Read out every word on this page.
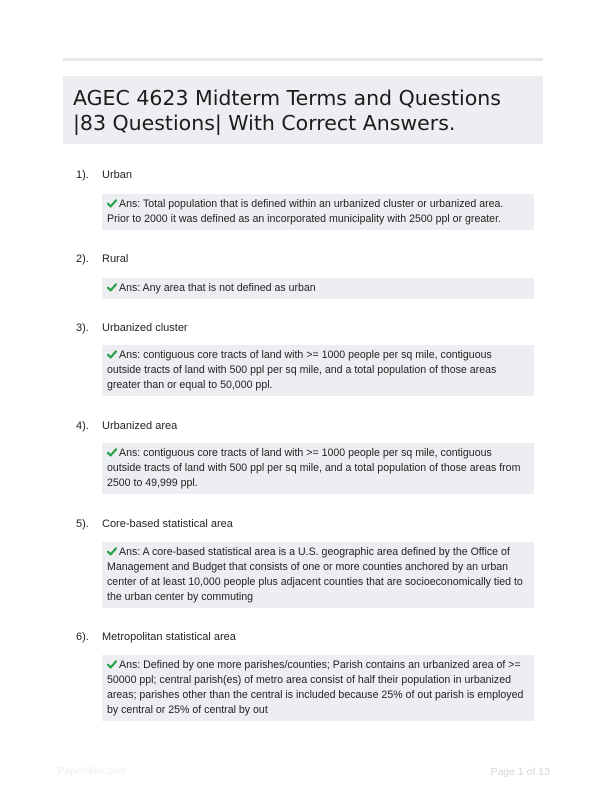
AGEC 4623 Midterm Terms and Questions |83 Questions| With Correct Answers.
1). Urban
Ans: Total population that is defined within an urbanized cluster or urbanized area.
Prior to 2000 it was defined as an incorporated municipality with 2500 ppl or greater.
2). Rural
Ans: Any area that is not defined as urban
3). Urbanized cluster
Ans: contiguous core tracts of land with >= 1000 people per sq mile, contiguous
outside tracts of land with 500 ppl per sq mile, and a total population of those areas
greater than or equal to 50,000 ppl.
4). Urbanized area
Ans: contiguous core tracts of land with >= 1000 people per sq mile, contiguous
outside tracts of land with 500 ppl per sq mile, and a total population of those areas from
2500 to 49,999 ppl.
5). Core-based statistical area
Ans: A core-based statistical area is a U.S. geographic area defined by the Office of
Management and Budget that consists of one or more counties anchored by an urban
center of at least 10,000 people plus adjacent counties that are socioeconomically tied to
the urban center by commuting
6). Metropolitan statistical area
Ans: Defined by one more parishes/counties; Parish contains an urbanized area of >=
50000 ppl; central parish(es) of metro area consist of half their population in urbanized
areas; parishes other than the central is included because 25% of out parish is employed
by central or 25% of central by out
PaperNibs.com	Page 1 of 13
